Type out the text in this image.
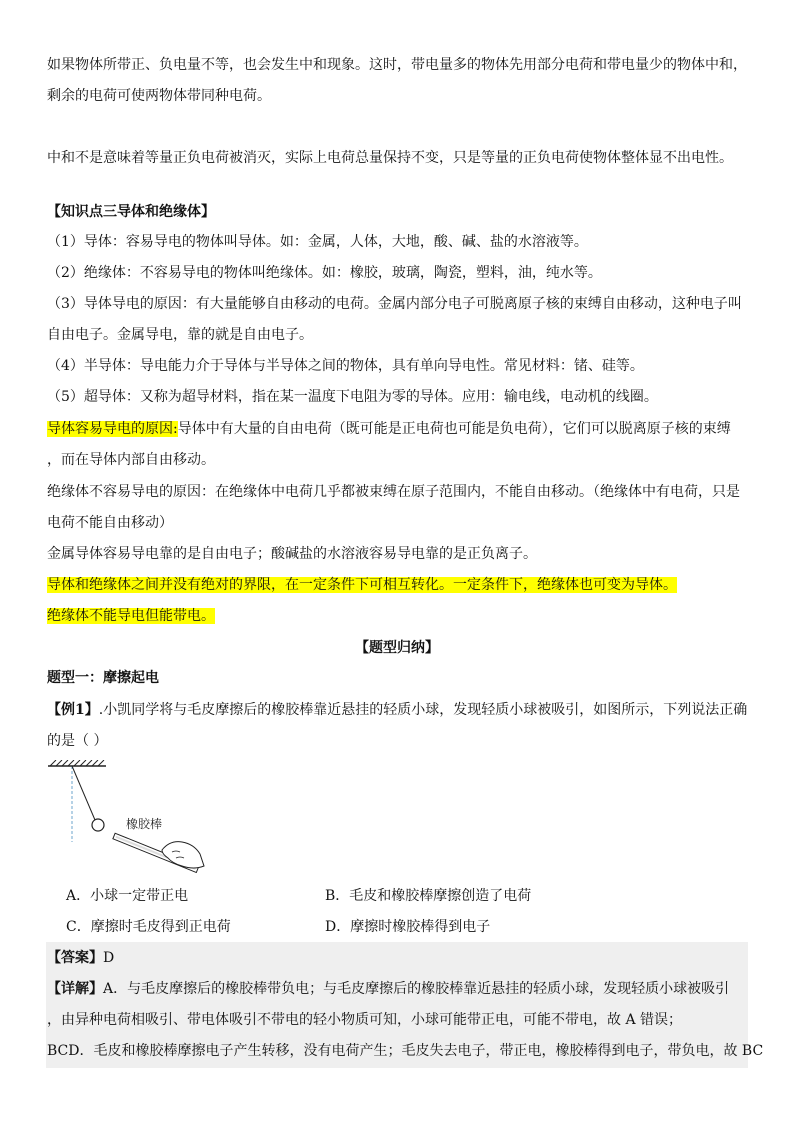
如果物体所带正、负电量不等，也会发生中和现象。这时，带电量多的物体先用部分电荷和带电量少的物体中和，
剩余的电荷可使两物体带同种电荷。
中和不是意味着等量正负电荷被消灭，实际上电荷总量保持不变，只是等量的正负电荷使物体整体显不出电性。
【知识点三导体和绝缘体】
（1）导体：容易导电的物体叫导体。如：金属，人体，大地，酸、碱、盐的水溶液等。
（2）绝缘体：不容易导电的物体叫绝缘体。如：橡胶，玻璃，陶瓷，塑料，油，纯水等。
（3）导体导电的原因：有大量能够自由移动的电荷。金属内部分电子可脱离原子核的束缚自由移动，这种电子叫
自由电子。金属导电，靠的就是自由电子。
（4）半导体：导电能力介于导体与半导体之间的物体，具有单向导电性。常见材料：锗、硅等。
（5）超导体：又称为超导材料，指在某一温度下电阻为零的导体。应用：输电线，电动机的线圈。
导体容易导电的原因:导体中有大量的自由电荷（既可能是正电荷也可能是负电荷），它们可以脱离原子核的束缚
，而在导体内部自由移动。
绝缘体不容易导电的原因：在绝缘体中电荷几乎都被束缚在原子范围内，不能自由移动。（绝缘体中有电荷，只是
电荷不能自由移动）
金属导体容易导电靠的是自由电子；酸碱盐的水溶液容易导电靠的是正负离子。
导体和绝缘体之间并没有绝对的界限，在一定条件下可相互转化。一定条件下，绝缘体也可变为导体。
绝缘体不能导电但能带电。
【题型归纳】
题型一：摩擦起电
【例1】.小凯同学将与毛皮摩擦后的橡胶棒靠近悬挂的轻质小球，发现轻质小球被吸引，如图所示，下列说法正确
的是（ ）
橡胶棒
A．小球一定带正电	B．毛皮和橡胶棒摩擦创造了电荷
C．摩擦时毛皮得到正电荷	D．摩擦时橡胶棒得到电子
【答案】D
【详解】A．与毛皮摩擦后的橡胶棒带负电；与毛皮摩擦后的橡胶棒靠近悬挂的轻质小球，发现轻质小球被吸引
，由异种电荷相吸引、带电体吸引不带电的轻小物质可知，小球可能带正电，可能不带电，故 A 错误；
BCD．毛皮和橡胶棒摩擦电子产生转移，没有电荷产生；毛皮失去电子，带正电，橡胶棒得到电子，带负电，故 BC
